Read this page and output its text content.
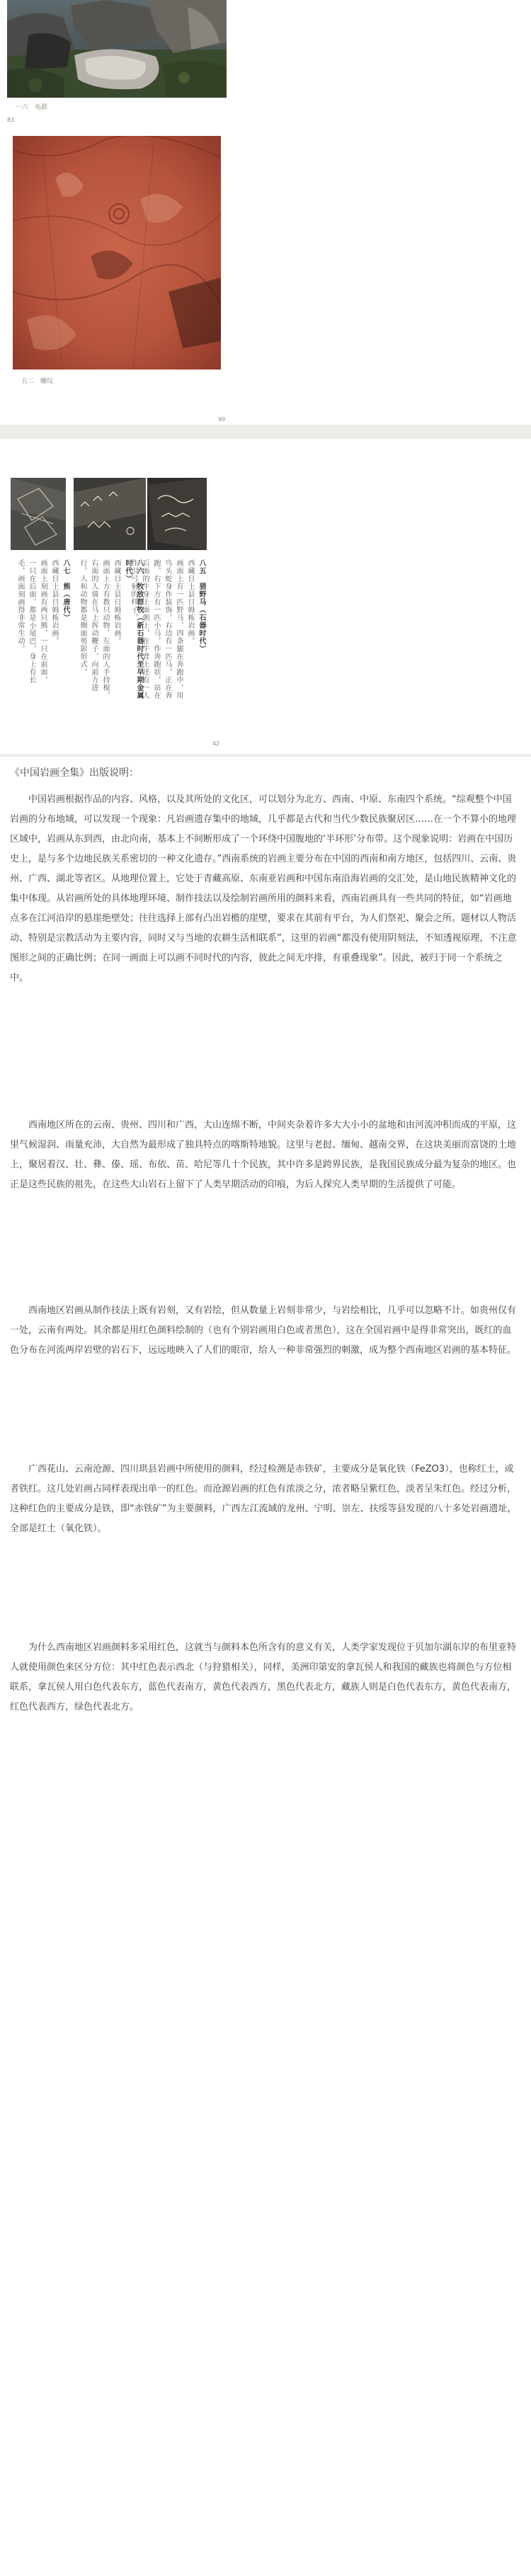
一六　龟群
83
五二　螺纹
99
八五　猎野马（石器时代）
西藏日土县日姆栋岩画。
画面上有一匹野马，四条腿在奔跑中，用鸟头蛇身作装饰。右边有一匹马，正在奔跑。右下方有一匹小马，作奔跑状，站在后面的牛身上面朝上，在牛背上还有一人作引弓射的样子。
八六　牧放群牧（新石器时代至早期金属时代）
西藏日土县日姆栋岩画。
画面上方有数只动物，左面的人手持棍，右面的人骑在马上挥动鞭子，向前方进行。人和动物都是侧面剪影形式。
八七　熊（唐代）
西藏日土县日姆栋岩画。
画面上刻画有两只熊，一只在前面，一只在后面，都是小尾巴，身上有长毛，画面刻画得非常生动。
42

《中国岩画全集》出版说明：

中国岩画根据作品的内容、风格，以及其所处的文化区，可以划分为北方、西南、中原、东南四个系统。“综观整个中国岩画的分布地域，可以发现一个现象：凡岩画遗存集中的地域，几乎都是古代和当代少数民族聚居区……在一个不算小的地理区域中，岩画从东到西，由北向南，基本上不间断形成了一个环绕中国腹地的‘半环形’分布带。这个现象说明：岩画在中国历史上，是与多个边地民族关系密切的一种文化遗存。”西南系统的岩画主要分布在中国的西南和南方地区，包括四川、云南、贵州、广西、湖北等省区。从地理位置上，它处于青藏高原、东南亚岩画和中国东南沿海岩画的交汇处，是山地民族精神文化的集中体现。从岩画所处的具体地理环境、制作技法以及绘制岩画所用的颜料来看，西南岩画具有一些共同的特征，如“岩画地点多在江河沿岸的悬崖绝壁处；往往选择上部有凸出岩檐的崖壁，要求在其前有平台，为人们祭祀、聚会之所。题材以人物活动、特别是宗教活动为主要内容，同时又与当地的农耕生活相联系”，这里的岩画“都没有使用阴刻法，不知透视原理，不注意图形之间的正确比例；在同一画面上可以画不同时代的内容，彼此之间无序排，有重叠现象”。因此，被归于同一个系统之中。

西南地区所在的云南、贵州、四川和广西，大山连绵不断，中间夹杂着许多大大小小的盆地和由河流冲积而成的平原，这里气候湿润、雨量充沛，大自然为最形成了独具特点的喀斯特地貌。这里与老挝、缅甸、越南交界，在这块美丽而富饶的土地上，聚居着汉、壮、彝、傣、瑶、布依、苗、哈尼等几十个民族，其中许多是跨界民族，是我国民族成分最为复杂的地区。也正是这些民族的祖先，在这些大山岩石上留下了人类早期活动的印痕，为后人探究人类早期的生活提供了可能。

西南地区岩画从制作技法上既有岩刻，又有岩绘，但从数量上岩刻非常少，与岩绘相比，几乎可以忽略不计。如贵州仅有一处，云南有两处。其余都是用红色颜料绘制的（也有个别岩画用白色或者黑色），这在全国岩画中是得非常突出，既红的血色分布在河流两岸岩壁的岩石下，远远地映入了人们的眼帘，给人一种非常强烈的刺激，成为整个西南地区岩画的基本特征。

广西花山、云南沧源、四川珙县岩画中所使用的颜料，经过检测是赤铁矿，主要成分是氧化铁（FeZO3），也称红土，或者铁红。这几处岩画占同样表现出单一的红色。而沧源岩画的红色有浓淡之分，浓者略呈紫红色，淡者呈朱红色。经过分析，这种红色的主要成分是铁，即“赤铁矿”为主要颜料，广西左江流域的龙州、宁明、崇左、扶绥等县发现的八十多处岩画遗址，全部是红土（氧化铁）。

为什么西南地区岩画颜料多采用红色，这就当与颜料本色所含有的意义有关，人类学家发现位于贝加尔湖东岸的布里亚特人就使用颜色来区分方位：其中红色表示西北（与狩猎相关），同样，美洲印第安的拿瓦侯人和我国的藏族也将颜色与方位相联系，拿瓦侯人用白色代表东方，蓝色代表南方，黄色代表西方，黑色代表北方，藏族人则是白色代表东方，黄色代表南方，红色代表西方，绿色代表北方。
